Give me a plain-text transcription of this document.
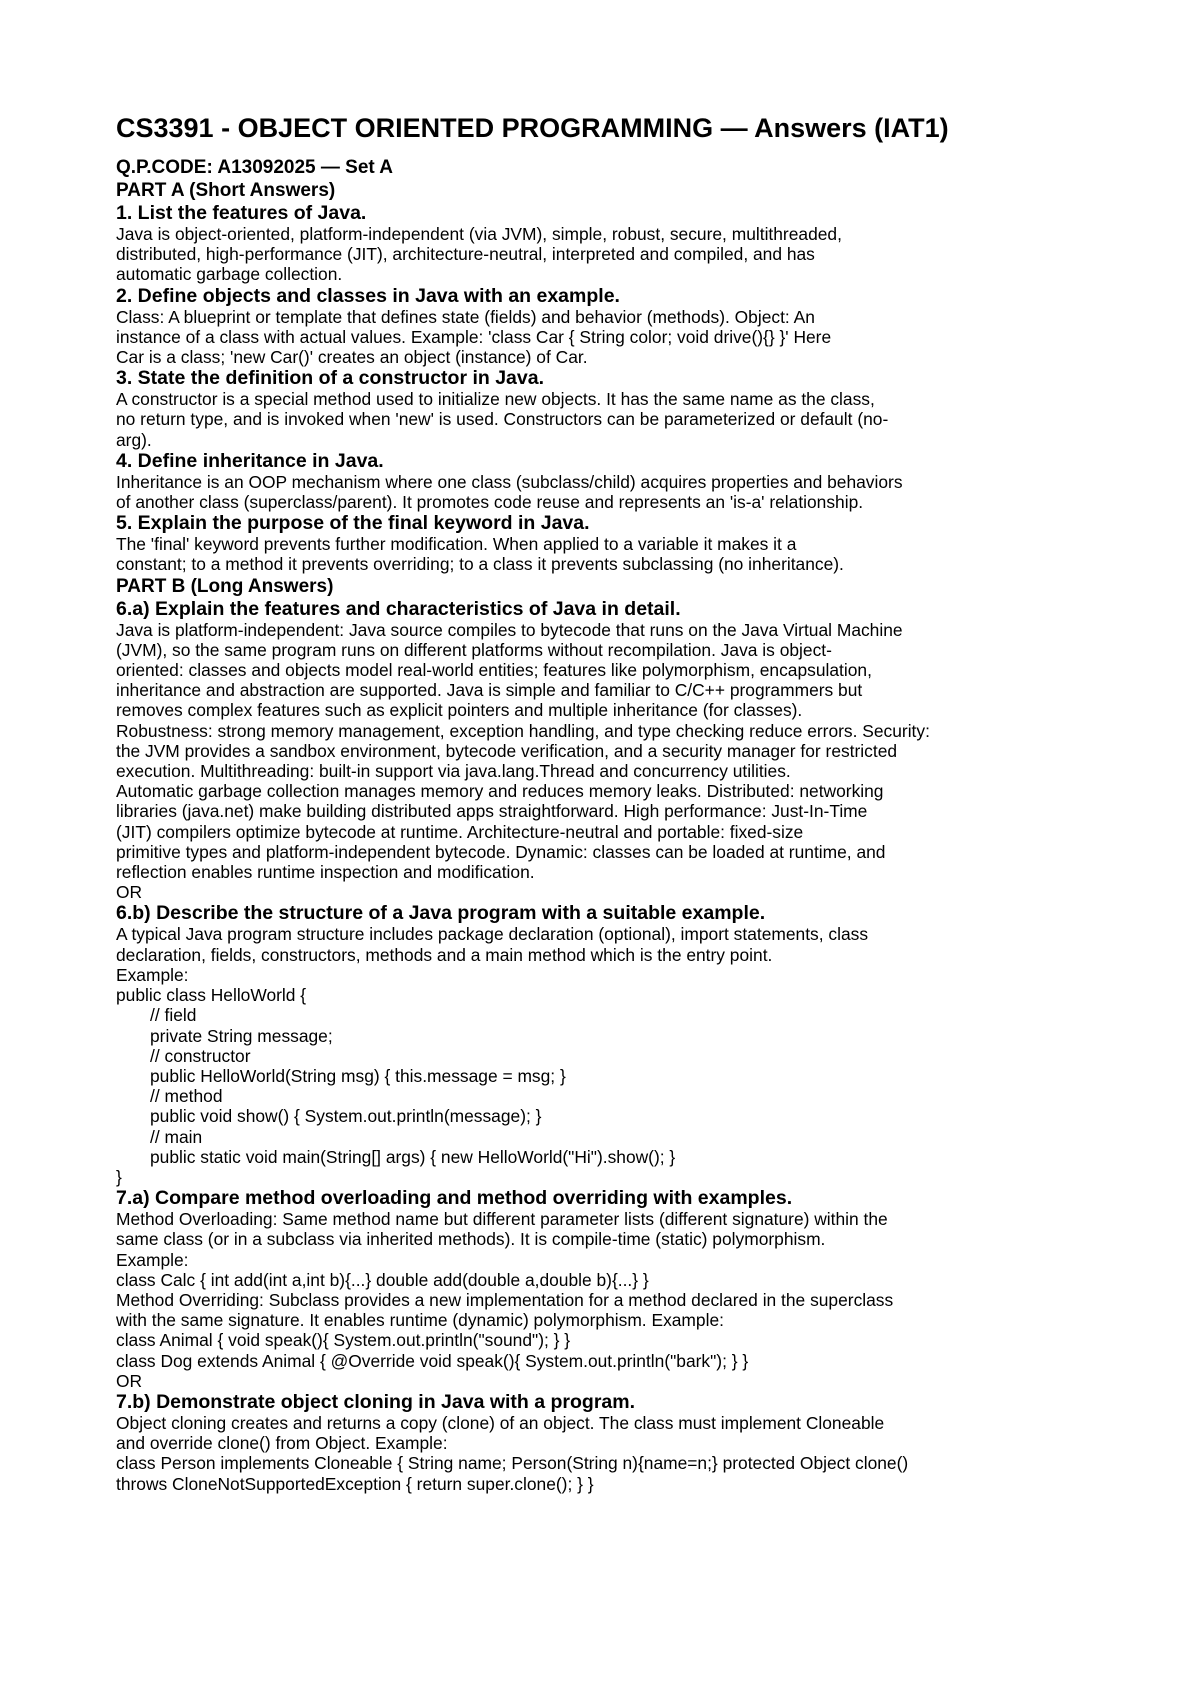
CS3391 - OBJECT ORIENTED PROGRAMMING — Answers (IAT1)
Q.P.CODE: A13092025 — Set A
PART A (Short Answers)
1. List the features of Java.
Java is object-oriented, platform-independent (via JVM), simple, robust, secure, multithreaded,
distributed, high-performance (JIT), architecture-neutral, interpreted and compiled, and has
automatic garbage collection.
2. Define objects and classes in Java with an example.
Class: A blueprint or template that defines state (fields) and behavior (methods). Object: An
instance of a class with actual values. Example: 'class Car { String color; void drive(){} }' Here
Car is a class; 'new Car()' creates an object (instance) of Car.
3. State the definition of a constructor in Java.
A constructor is a special method used to initialize new objects. It has the same name as the class,
no return type, and is invoked when 'new' is used. Constructors can be parameterized or default (no-
arg).
4. Define inheritance in Java.
Inheritance is an OOP mechanism where one class (subclass/child) acquires properties and behaviors
of another class (superclass/parent). It promotes code reuse and represents an 'is-a' relationship.
5. Explain the purpose of the final keyword in Java.
The 'final' keyword prevents further modification. When applied to a variable it makes it a
constant; to a method it prevents overriding; to a class it prevents subclassing (no inheritance).
PART B (Long Answers)
6.a) Explain the features and characteristics of Java in detail.
Java is platform-independent: Java source compiles to bytecode that runs on the Java Virtual Machine
(JVM), so the same program runs on different platforms without recompilation. Java is object-
oriented: classes and objects model real-world entities; features like polymorphism, encapsulation,
inheritance and abstraction are supported. Java is simple and familiar to C/C++ programmers but
removes complex features such as explicit pointers and multiple inheritance (for classes).
Robustness: strong memory management, exception handling, and type checking reduce errors. Security:
the JVM provides a sandbox environment, bytecode verification, and a security manager for restricted
execution. Multithreading: built-in support via java.lang.Thread and concurrency utilities.
Automatic garbage collection manages memory and reduces memory leaks. Distributed: networking
libraries (java.net) make building distributed apps straightforward. High performance: Just-In-Time
(JIT) compilers optimize bytecode at runtime. Architecture-neutral and portable: fixed-size
primitive types and platform-independent bytecode. Dynamic: classes can be loaded at runtime, and
reflection enables runtime inspection and modification.
OR
6.b) Describe the structure of a Java program with a suitable example.
A typical Java program structure includes package declaration (optional), import statements, class
declaration, fields, constructors, methods and a main method which is the entry point.
Example:
public class HelloWorld {
// field
private String message;
// constructor
public HelloWorld(String msg) { this.message = msg; }
// method
public void show() { System.out.println(message); }
// main
public static void main(String[] args) { new HelloWorld("Hi").show(); }
}
7.a) Compare method overloading and method overriding with examples.
Method Overloading: Same method name but different parameter lists (different signature) within the
same class (or in a subclass via inherited methods). It is compile-time (static) polymorphism.
Example:
class Calc { int add(int a,int b){...} double add(double a,double b){...} }
Method Overriding: Subclass provides a new implementation for a method declared in the superclass
with the same signature. It enables runtime (dynamic) polymorphism. Example:
class Animal { void speak(){ System.out.println("sound"); } }
class Dog extends Animal { @Override void speak(){ System.out.println("bark"); } }
OR
7.b) Demonstrate object cloning in Java with a program.
Object cloning creates and returns a copy (clone) of an object. The class must implement Cloneable
and override clone() from Object. Example:
class Person implements Cloneable { String name; Person(String n){name=n;} protected Object clone()
throws CloneNotSupportedException { return super.clone(); } }
